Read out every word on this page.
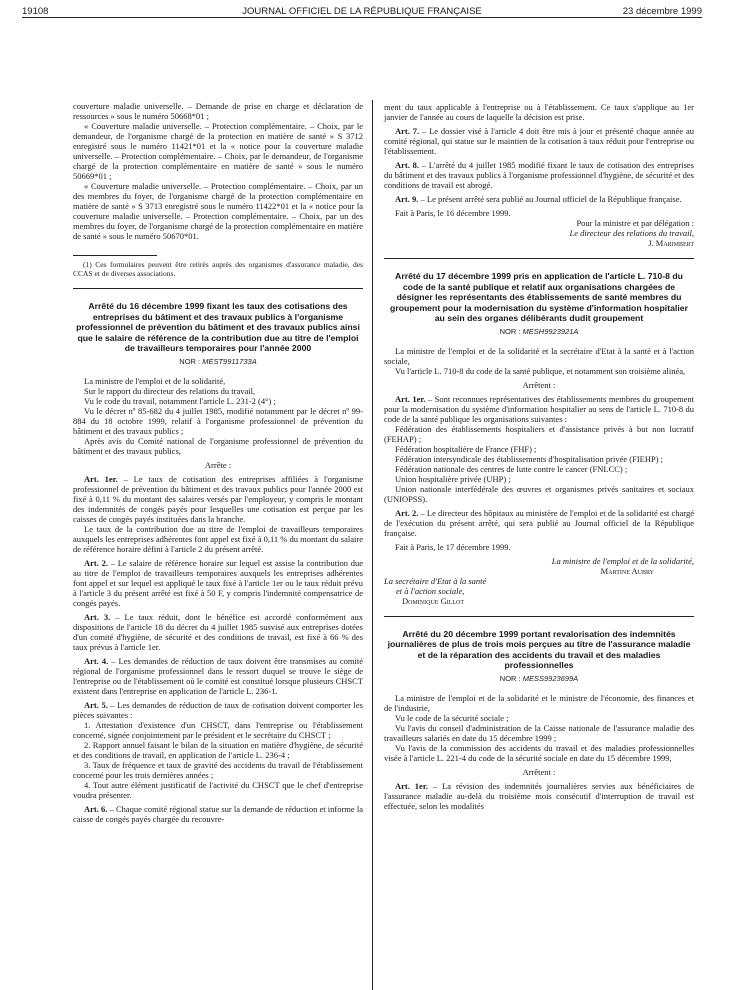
19108	JOURNAL OFFICIEL DE LA RÉPUBLIQUE FRANÇAISE	23 décembre 1999

couverture maladie universelle. – Demande de prise en charge et déclaration de ressources » sous le numéro 50668*01 ;

« Couverture maladie universelle. – Protection complémentaire. – Choix, par le demandeur, de l'organisme chargé de la protection en matière de santé » S 3712 enregistré sous le numéro 11421*01 et la « notice pour la couverture maladie universelle. – Protection complémentaire. – Choix, par le demandeur, de l'organisme chargé de la protection complémentaire en matière de santé » sous le numéro 50669*01 ;

« Couverture maladie universelle. – Protection complémentaire. – Choix, par un des membres du foyer, de l'organisme chargé de la protection complémentaire en matière de santé » S 3713 enregistré sous le numéro 11422*01 et la « notice pour la couverture maladie universelle. – Protection complémentaire. – Choix, par un des membres du foyer, de l'organisme chargé de la protection complémentaire en matière de santé » sous le numéro 50670*01.

(1) Ces formulaires peuvent être retirés auprès des organismes d'assurance maladie, des CCAS et de diverses associations.

Arrêté du 16 décembre 1999 fixant les taux des cotisations des entreprises du bâtiment et des travaux publics à l'organisme professionnel de prévention du bâtiment et des travaux publics ainsi que le salaire de référence de la contribution due au titre de l'emploi de travailleurs temporaires pour l'année 2000
NOR : MEST9911733A

La ministre de l'emploi et de la solidarité,

Sur le rapport du directeur des relations du travail,

Vu le code du travail, notamment l'article L. 231-2 (4°) ;

Vu le décret nº 85-682 du 4 juillet 1985, modifié notamment par le décret nº 99-884 du 18 octobre 1999, relatif à l'organisme professionnel de prévention du bâtiment et des travaux publics ;

Après avis du Comité national de l'organisme professionnel de prévention du bâtiment et des travaux publics,

Arrête :

Art. 1er. – Le taux de cotisation des entreprises affiliées à l'organisme professionnel de prévention du bâtiment et des travaux publics pour l'année 2000 est fixé à 0,11 % du montant des salaires versés par l'employeur, y compris le montant des indemnités de congés payés pour lesquelles une cotisation est perçue par les caisses de congés payés instituées dans la branche.

Le taux de la contribution due au titre de l'emploi de travailleurs temporaires auxquels les entreprises adhérentes font appel est fixé à 0,11 % du montant du salaire de référence horaire défini à l'article 2 du présent arrêté.

Art. 2. – Le salaire de référence horaire sur lequel est assise la contribution due au titre de l'emploi de travailleurs temporaires auxquels les entreprises adhérentes font appel et sur lequel est appliqué le taux fixé à l'article 1er ou le taux réduit prévu à l'article 3 du présent arrêté est fixé à 50 F, y compris l'indemnité compensatrice de congés payés.

Art. 3. – Le taux réduit, dont le bénéfice est accordé conformément aux dispositions de l'article 18 du décret du 4 juillet 1985 susvisé aux entreprises dotées d'un comité d'hygiène, de sécurité et des conditions de travail, est fixé à 66 % des taux prévus à l'article 1er.

Art. 4. – Les demandes de réduction de taux doivent être transmises au comité régional de l'organisme professionnel dans le ressort duquel se trouve le siège de l'entreprise ou de l'établissement où le comité est constitué lorsque plusieurs CHSCT existent dans l'entreprise en application de l'article L. 236-1.

Art. 5. – Les demandes de réduction de taux de cotisation doivent comporter les pièces suivantes :

1. Attestation d'existence d'un CHSCT, dans l'entreprise ou l'établissement concerné, signée conjointement par le président et le secrétaire du CHSCT ;

2. Rapport annuel faisant le bilan de la situation en matière d'hygiène, de sécurité et des conditions de travail, en application de l'article L. 236-4 ;

3. Taux de fréquence et taux de gravité des accidents du travail de l'établissement concerné pour les trois dernières années ;

4. Tout autre élément justificatif de l'activité du CHSCT que le chef d'entreprise voudra présenter.

Art. 6. – Chaque comité régional statue sur la demande de réduction et informe la caisse de congés payés chargée du recouvre-

ment du taux applicable à l'entreprise ou à l'établissement. Ce taux s'applique au 1er janvier de l'année au cours de laquelle la décision est prise.

Art. 7. – Le dossier visé à l'article 4 doit être mis à jour et présenté chaque année au comité régional, qui statue sur le maintien de la cotisation à taux réduit pour l'entreprise ou l'établissement.

Art. 8. – L'arrêté du 4 juillet 1985 modifié fixant le taux de cotisation des entreprises du bâtiment et des travaux publics à l'organisme professionnel d'hygiène, de sécurité et des conditions de travail est abrogé.

Art. 9. – Le présent arrêté sera publié au Journal officiel de la République française.

Fait à Paris, le 16 décembre 1999.

Pour la ministre et par délégation :

Le directeur des relations du travail,

J. Marimbert

Arrêté du 17 décembre 1999 pris en application de l'article L. 710-8 du code de la santé publique et relatif aux organisations chargées de désigner les représentants des établissements de santé membres du groupement pour la modernisation du système d'information hospitalier au sein des organes délibérants dudit groupement
NOR : MESH9923921A

La ministre de l'emploi et de la solidarité et la secrétaire d'Etat à la santé et à l'action sociale,

Vu l'article L. 710-8 du code de la santé publique, et notamment son troisième alinéa,

Arrêtent :

Art. 1er. – Sont reconnues représentatives des établissements membres du groupement pour la modernisation du système d'information hospitalier au sens de l'article L. 710-8 du code de la santé publique les organisations suivantes :

Fédération des établissements hospitaliers et d'assistance privés à but non lucratif (FEHAP) ;

Fédération hospitalière de France (FHF) ;

Fédération intersyndicale des établissements d'hospitalisation privée (FIEHP) ;

Fédération nationale des centres de lutte contre le cancer (FNLCC) ;

Union hospitalière privée (UHP) ;

Union nationale interfédérale des œuvres et organismes privés sanitaires et sociaux (UNIOPSS).

Art. 2. – Le directeur des hôpitaux au ministère de l'emploi et de la solidarité est chargé de l'exécution du présent arrêté, qui sera publié au Journal officiel de la République française.

Fait à Paris, le 17 décembre 1999.

La ministre de l'emploi et de la solidarité,

Martine Aubry

La secrétaire d'Etat à la santé

et à l'action sociale,

Dominique Gillot

Arrêté du 20 décembre 1999 portant revalorisation des indemnités journalières de plus de trois mois perçues au titre de l'assurance maladie et de la réparation des accidents du travail et des maladies professionnelles
NOR : MESS9923699A

La ministre de l'emploi et de la solidarité et le ministre de l'économie, des finances et de l'industrie,

Vu le code de la sécurité sociale ;

Vu l'avis du conseil d'administration de la Caisse nationale de l'assurance maladie des travailleurs salariés en date du 15 décembre 1999 ;

Vu l'avis de la commission des accidents du travail et des maladies professionnelles visée à l'article L. 221-4 du code de la sécurité sociale en date du 15 décembre 1999,

Arrêtent :

Art. 1er. – La révision des indemnités journalières servies aux bénéficiaires de l'assurance maladie au-delà du troisième mois consécutif d'interruption de travail est effectuée, selon les modalités
